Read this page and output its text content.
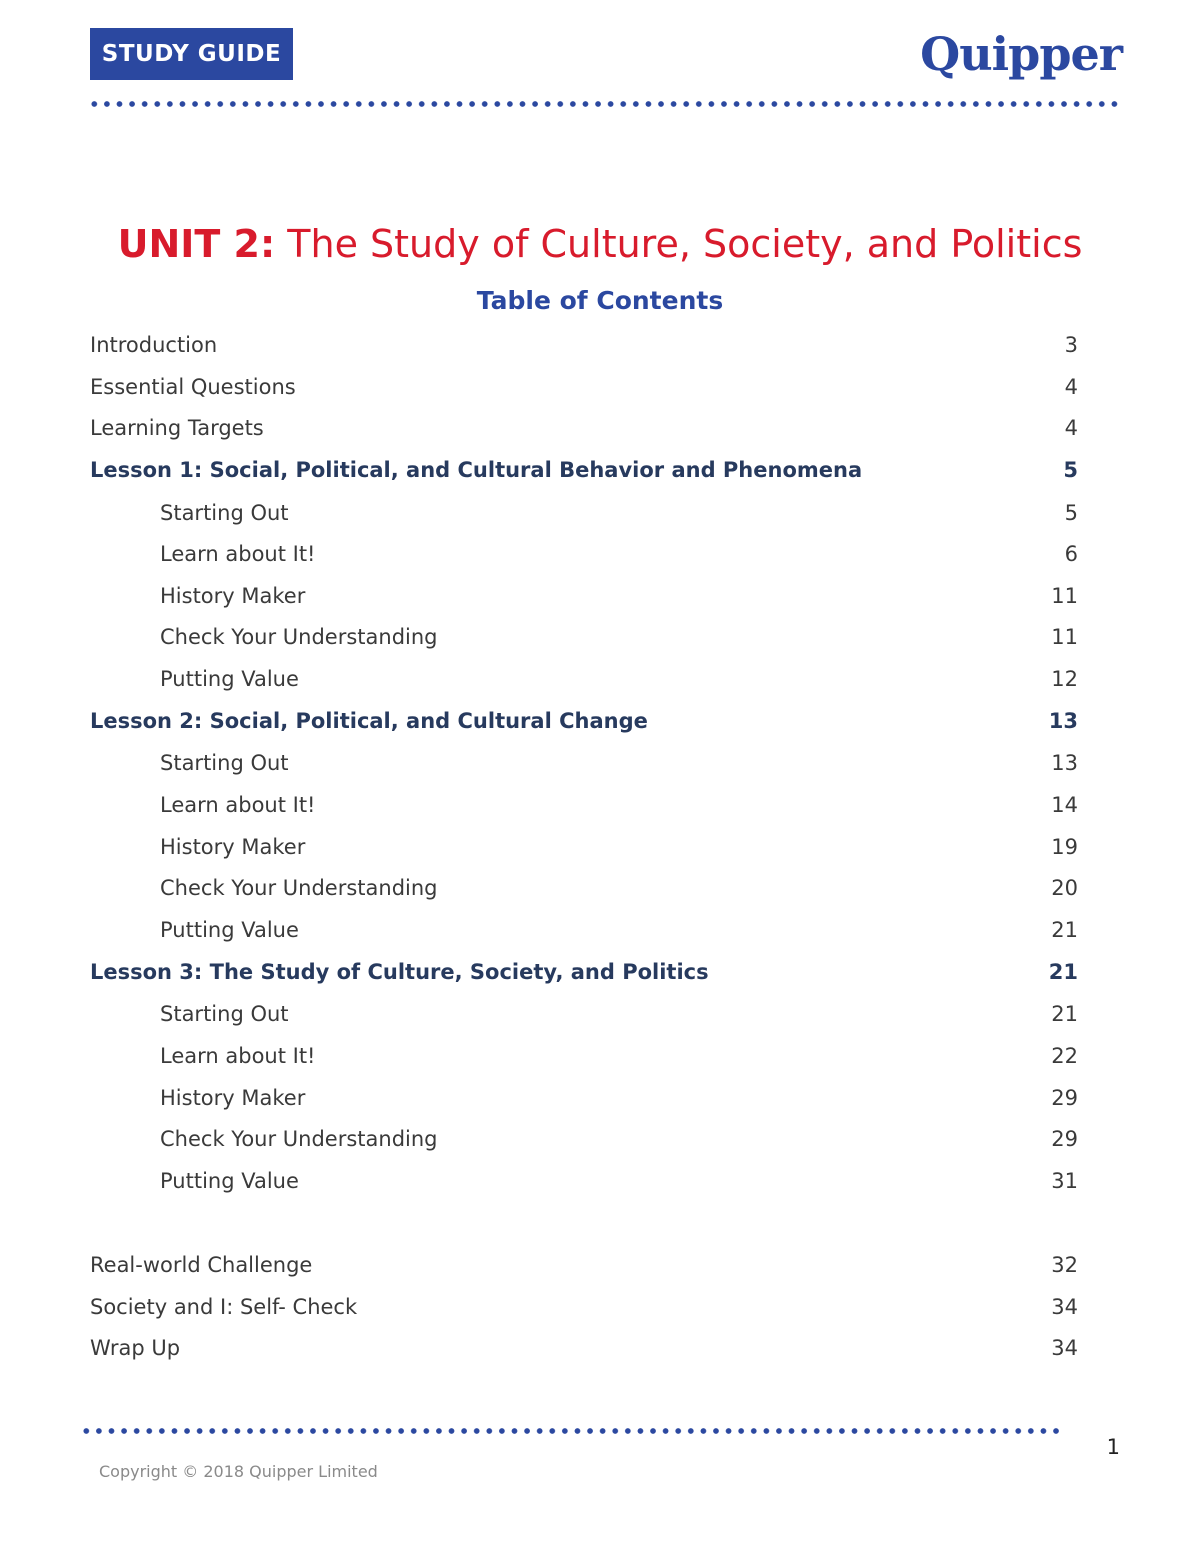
STUDY GUIDE	Quipper
UNIT 2: The Study of Culture, Society, and Politics
Table of Contents
Introduction	3
Essential Questions	4
Learning Targets	4
Lesson 1: Social, Political, and Cultural Behavior and Phenomena	5
Starting Out	5
Learn about It!	6
History Maker	11
Check Your Understanding	11
Putting Value	12
Lesson 2: Social, Political, and Cultural Change	13
Starting Out	13
Learn about It!	14
History Maker	19
Check Your Understanding	20
Putting Value	21
Lesson 3: The Study of Culture, Society, and Politics	21
Starting Out	21
Learn about It!	22
History Maker	29
Check Your Understanding	29
Putting Value	31
Real-world Challenge	32
Society and I: Self- Check	34
Wrap Up	34
Copyright © 2018 Quipper Limited
1
